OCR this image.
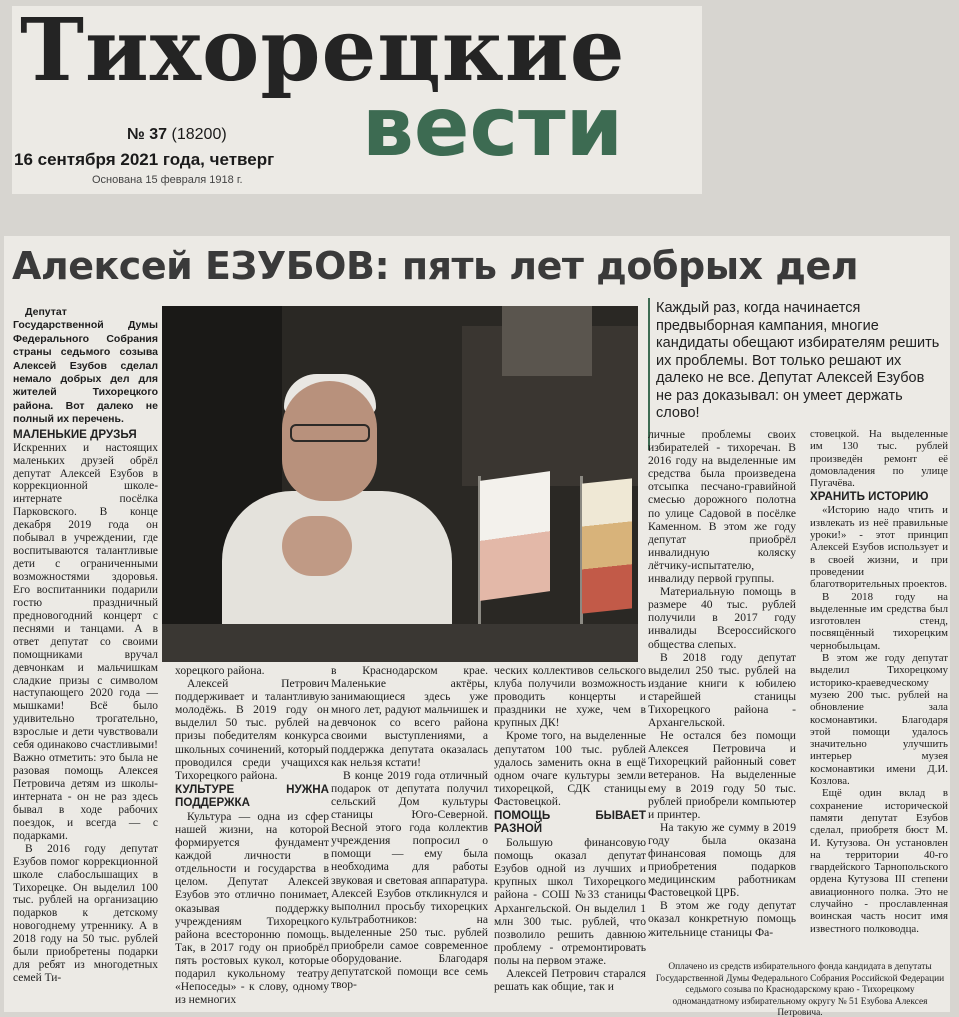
Тихорецкие
№ 37 (18200)
16 сентября 2021 года, четверг
Основана 15 февраля 1918 г.
вести
Алексей ЕЗУБОВ: пять лет добрых дел
Каждый раз, когда начинается предвыборная кампания, многие кандидаты обещают избирателям решить их проблемы. Вот только решают их далеко не все. Депутат Алексей Езубов не раз доказывал: он умеет держать слово!

Депутат Государственной Думы Федерального Собрания страны седьмого созыва Алексей Езубов сделал немало добрых дел для жителей Тихорецкого района. Вот далеко не полный их перечень.

МАЛЕНЬКИЕ ДРУЗЬЯ

Искренних и настоящих маленьких друзей обрёл депутат Алексей Езубов в коррекционной школе-интернате посёлка Парковского. В конце декабря 2019 года он побывал в учреждении, где воспитываются талантливые дети с ограниченными возможностями здоровья. Его воспитанники подарили гостю праздничный предновогодний концерт с песнями и танцами. А в ответ депутат со своими помощниками вручал девчонкам и мальчишкам сладкие призы с символом наступающего 2020 года — мышками! Всё было удивительно трогательно, взрослые и дети чувствовали себя одинаково счастливыми! Важно отметить: это была не разовая помощь Алексея Петровича детям из школы-интерната - он не раз здесь бывал в ходе рабочих поездок, и всегда — с подарками.

В 2016 году депутат Езубов помог коррекционной школе слабослышащих в Тихорецке. Он выделил 100 тыс. рублей на организацию подарков к детскому новогоднему утреннику. А в 2018 году на 50 тыс. рублей были приобретены подарки для ребят из многодетных семей Ти-

хорецкого района.

Алексей Петрович поддерживает и талантливую молодёжь. В 2019 году он выделил 50 тыс. рублей на призы победителям конкурса школьных сочинений, который проводился среди учащихся Тихорецкого района.

КУЛЬТУРЕ НУЖНА ПОДДЕРЖКА

Культура — одна из сфер нашей жизни, на которой формируется фундамент каждой личности в отдельности и государства в целом. Депутат Алексей Езубов это отлично понимает, оказывая поддержку учреждениям Тихорецкого района всесторонню помощь. Так, в 2017 году он приобрёл пять ростовых кукол, которые подарил кукольному театру «Непоседы» - к слову, одному из немногих

в Краснодарском крае. Маленькие актёры, занимающиеся здесь уже много лет, радуют мальчишек и девчонок со всего района своими выступлениями, а поддержка депутата оказалась как нельзя кстати!

В конце 2019 года отличный подарок от депутата получил сельский Дом культуры станицы Юго-Северной. Весной этого года коллектив учреждения попросил о помощи — ему была необходима для работы звуковая и световая аппаратура. Алексей Езубов откликнулся и выполнил просьбу тихорецких культработников: на выделенные 250 тыс. рублей приобрели самое современное оборудование. Благодаря депутатской помощи все семь твор-

ческих коллективов сельского клуба получили возможность проводить концерты и праздники не хуже, чем в крупных ДК!

Кроме того, на выделенные депутатом 100 тыс. рублей удалось заменить окна в ещё одном очаге культуры земли тихорецкой, СДК станицы Фастовецкой.

ПОМОЩЬ БЫВАЕТ РАЗНОЙ

Большую финансовую помощь оказал депутат Езубов одной из лучших и крупных школ Тихорецкого района - СОШ №33 станицы Архангельской. Он выделил 1 млн 300 тыс. рублей, что позволило решить давнюю проблему - отремонтировать полы на первом этаже.

Алексей Петрович старался решать как общие, так и

личные проблемы своих избирателей - тихоречан. В 2016 году на выделенные им средства была произведена отсыпка песчано-гравийной смесью дорожного полотна по улице Садовой в посёлке Каменном. В этом же году депутат приобрёл инвалидную коляску лётчику-испытателю, инвалиду первой группы.

Материальную помощь в размере 40 тыс. рублей получили в 2017 году инвалиды Всероссийского общества слепых.

В 2018 году депутат выделил 250 тыс. рублей на издание книги к юбилею старейшей станицы Тихорецкого района - Архангельской.

Не остался без помощи Алексея Петровича и Тихорецкий районный совет ветеранов. На выделенные ему в 2019 году 50 тыс. рублей приобрели компьютер и принтер.

На такую же сумму в 2019 году была оказана финансовая помощь для приобретения подарков медицинским работникам Фастовецкой ЦРБ.

В этом же году депутат оказал конкретную помощь жительнице станицы Фа-

стовецкой. На выделенные им 130 тыс. рублей произведён ремонт её домовладения по улице Пугачёва.

ХРАНИТЬ ИСТОРИЮ

«Историю надо чтить и извлекать из неё правильные уроки!» - этот принцип Алексей Езубов использует и в своей жизни, и при проведении благотворительных проектов.

В 2018 году на выделенные им средства был изготовлен стенд, посвящённый тихорецким чернобыльцам.

В этом же году депутат выделил Тихорецкому историко-краеведческому музею 200 тыс. рублей на обновление зала космонавтики. Благодаря этой помощи удалось значительно улучшить интерьер музея космонавтики имени Д.И. Козлова.

Ещё один вклад в сохранение исторической памяти депутат Езубов сделал, приобретя бюст М. И. Кутузова. Он установлен на территории 40-го гвардейского Тарнопольского ордена Кутузова III степени авиационного полка. Это не случайно - прославленная воинская часть носит имя известного полководца.

Оплачено из средств избирательного фонда кандидата в депутаты Государственной Думы Федерального Собрания Российской Федерации седьмого созыва по Краснодарскому краю - Тихорецкому одномандатному избирательному округу № 51 Езубова Алексея Петровича.
